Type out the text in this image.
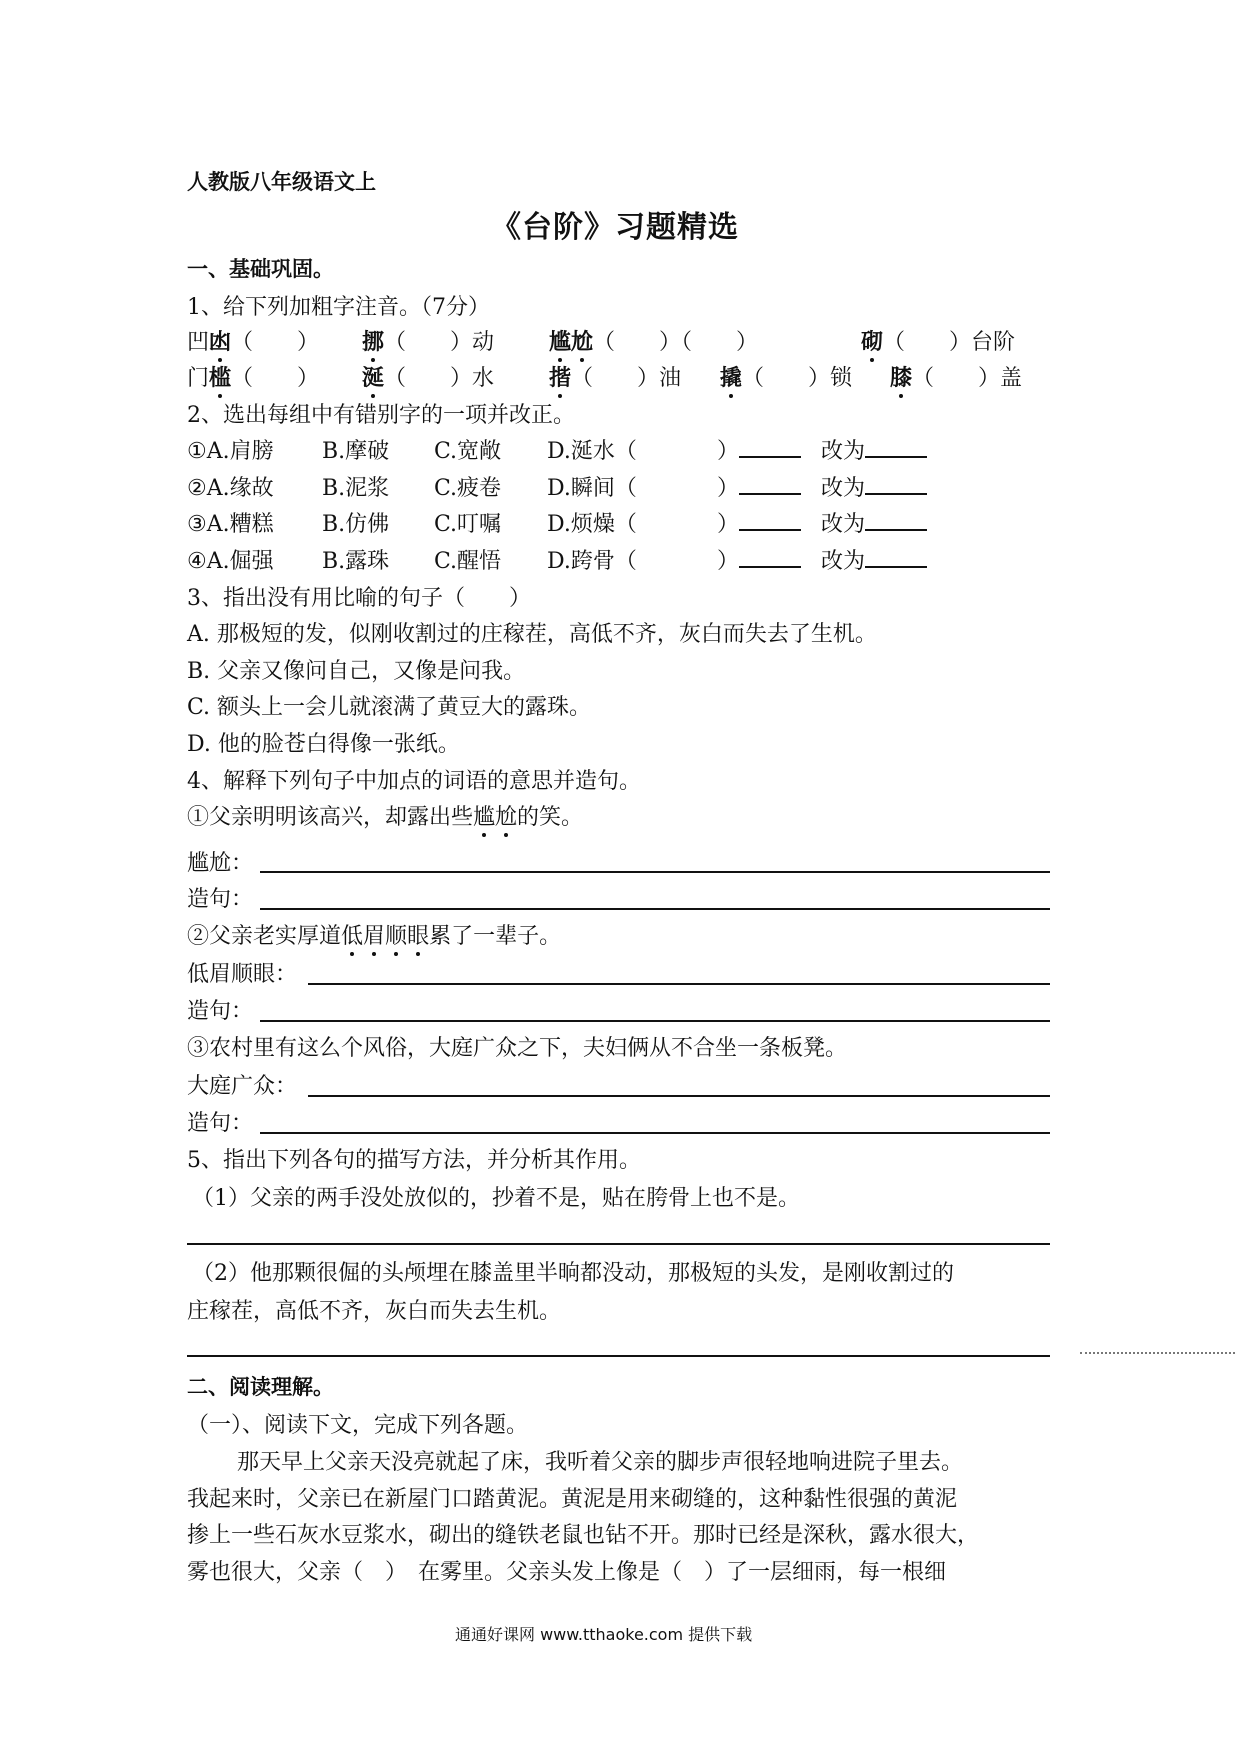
人教版八年级语文上
《台阶》习题精选
一、基础巩固。
1、给下列加粗字注音。（7分）
凹凼（　　） 挪（　　）动 尴尬（　　）（　　）	砌（　　）台阶
门槛（　　） 涎（　　）水 揩（　　）油 撬（　　）锁 膝（　　）盖
2、选出每组中有错别字的一项并改正。
①A.肩膀 B.摩破 C.宽敞 D.涎水（	）	改为
②A.缘故 B.泥浆 C.疲卷 D.瞬间（	）	改为
③A.糟糕 B.仿佛 C.叮嘱 D.烦燥（	）	改为
④A.倔强 B.露珠 C.醒悟 D.跨骨（	）	改为
3、指出没有用比喻的句子（　　）
A. 那极短的发，似刚收割过的庄稼茬，高低不齐，灰白而失去了生机。
B. 父亲又像问自己，又像是问我。
C. 额头上一会儿就滚满了黄豆大的露珠。
D. 他的脸苍白得像一张纸。
4、解释下列句子中加点的词语的意思并造句。
①父亲明明该高兴，却露出些尴尬的笑。
尴尬：
造句：
②父亲老实厚道低眉顺眼累了一辈子。
低眉顺眼：
造句：
③农村里有这么个风俗，大庭广众之下，夫妇俩从不合坐一条板凳。
大庭广众：
造句：
5、指出下列各句的描写方法，并分析其作用。
（1）父亲的两手没处放似的，抄着不是，贴在胯骨上也不是。
（2）他那颗很倔的头颅埋在膝盖里半晌都没动，那极短的头发，是刚收割过的
庄稼茬，高低不齐，灰白而失去生机。
二、阅读理解。
（一）、阅读下文，完成下列各题。
那天早上父亲天没亮就起了床，我听着父亲的脚步声很轻地响进院子里去。
我起来时，父亲已在新屋门口踏黄泥。黄泥是用来砌缝的，这种黏性很强的黄泥
掺上一些石灰水豆浆水，砌出的缝铁老鼠也钻不开。那时已经是深秋，露水很大，
雾也很大，父亲（　）　在雾里。父亲头发上像是（　）了一层细雨，每一根细
通通好课网 www.tthaoke.com 提供下载
